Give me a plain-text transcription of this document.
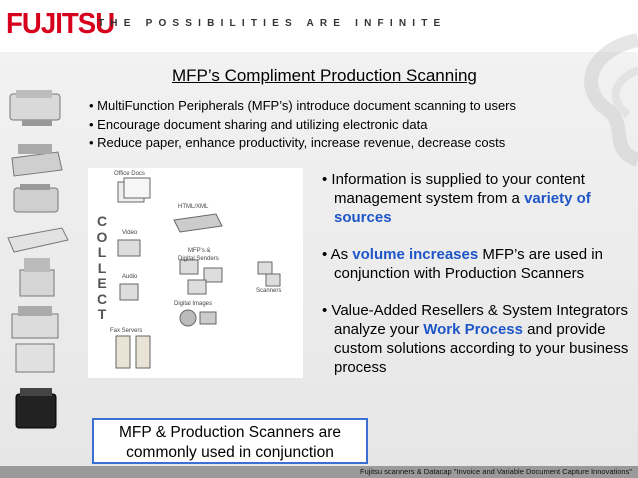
FUJITSU
THE POSSIBILITIES ARE INFINITE
MFP’s Compliment Production Scanning
• MultiFunction Peripherals (MFP’s) introduce document scanning to users
• Encourage document sharing and utilizing electronic data
• Reduce paper, enhance productivity, increase revenue, decrease costs
Office Docs
HTML/XML
Video
MFP’s &
Digital Senders
Audio
Scanners
Digital Images
Fax Servers
C
O
L
L
E
C
T
• Information is supplied to your content management system from a variety of sources
• As volume increases MFP’s are used in conjunction with Production Scanners
• Value-Added Resellers & System Integrators analyze your Work Process and provide custom solutions according to your business process
MFP & Production Scanners are commonly used in conjunction
Fujitsu scanners & Datacap "Invoice and Variable Document Capture Innovations"
